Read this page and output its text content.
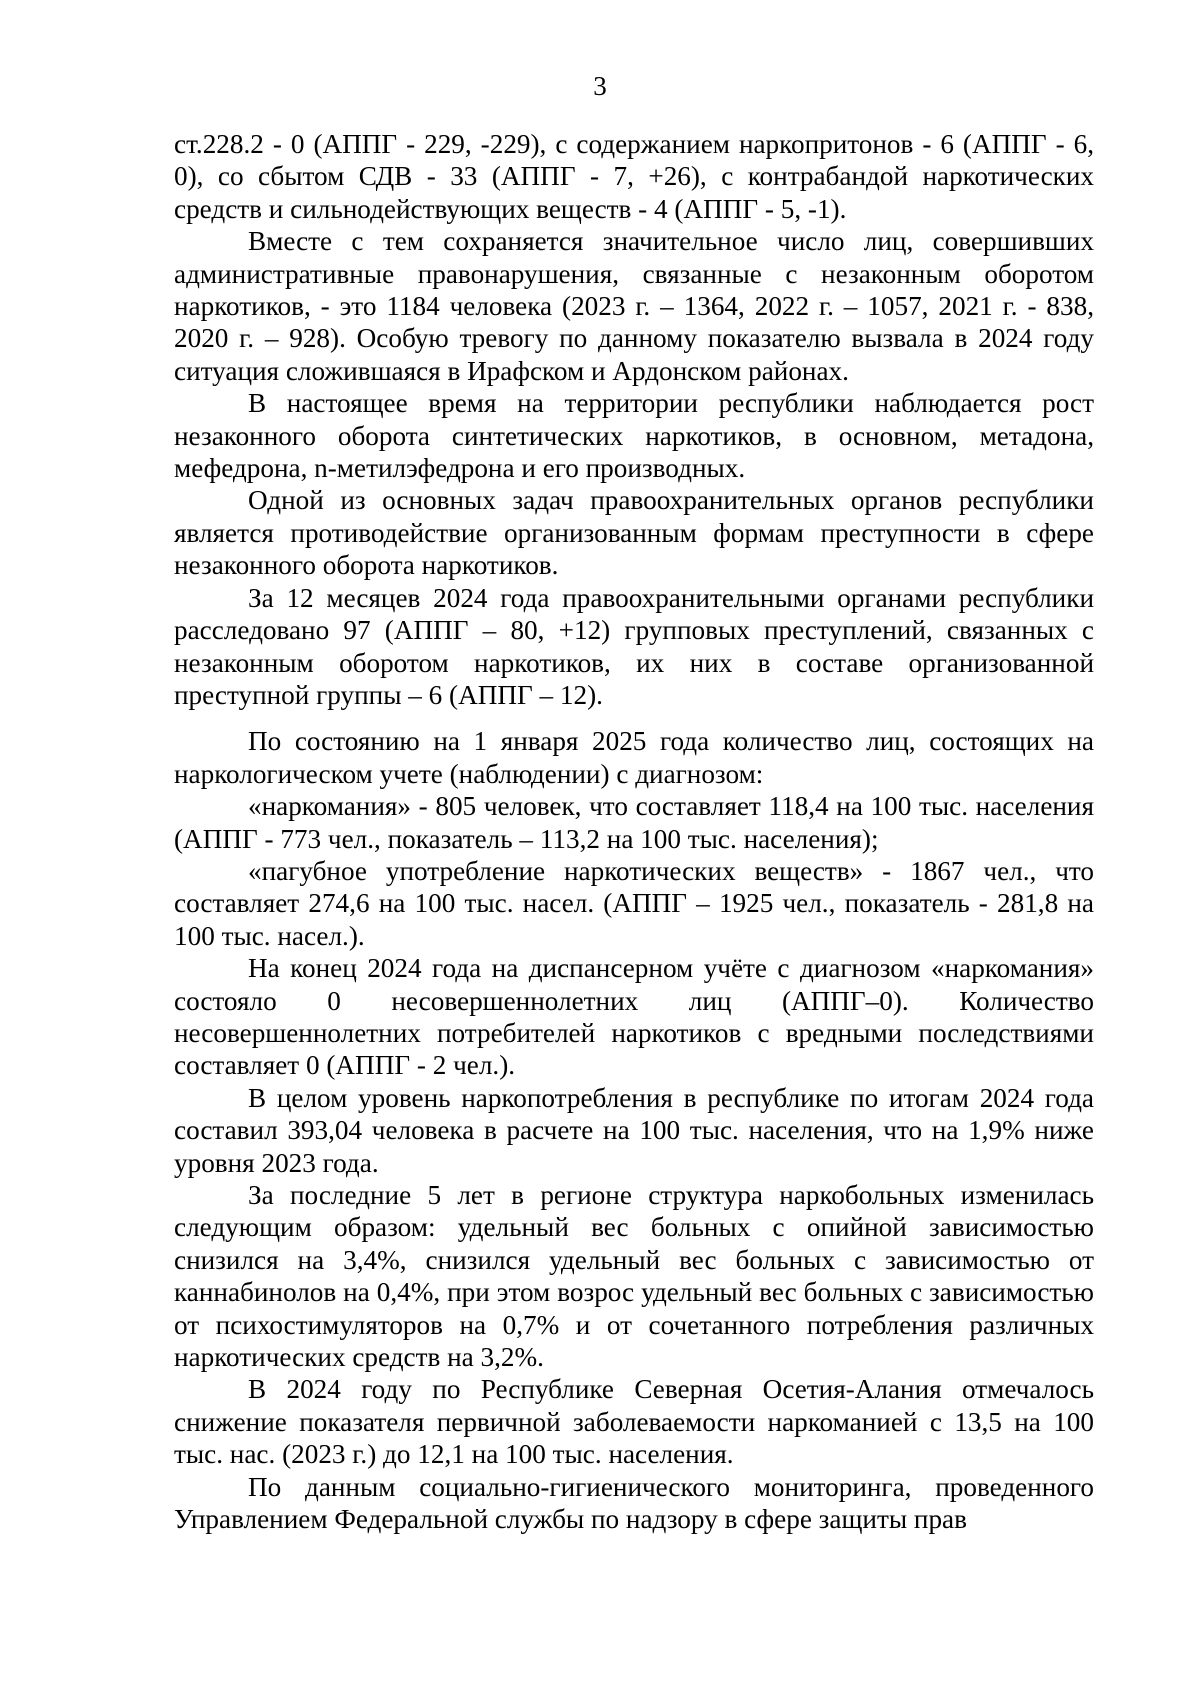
3

ст.228.2 - 0 (АППГ - 229, -229), с содержанием наркопритонов - 6 (АППГ - 6, 0), со сбытом СДВ - 33 (АППГ - 7, +26), с контрабандой наркотических средств и сильнодействующих веществ - 4 (АППГ - 5, -1).

Вместе с тем сохраняется значительное число лиц, совершивших административные правонарушения, связанные с незаконным оборотом наркотиков, - это 1184 человека (2023 г. – 1364, 2022 г. – 1057, 2021 г. - 838, 2020 г. – 928). Особую тревогу по данному показателю вызвала в 2024 году ситуация сложившаяся в Ирафском и Ардонском районах.

В настоящее время на территории республики наблюдается рост незаконного оборота синтетических наркотиков, в основном, метадона, мефедрона, n-метилэфедрона и его производных.

Одной из основных задач правоохранительных органов республики является противодействие организованным формам преступности в сфере незаконного оборота наркотиков.

За 12 месяцев 2024 года правоохранительными органами республики расследовано 97 (АППГ – 80, +12) групповых преступлений, связанных с незаконным оборотом наркотиков, их них в составе организованной преступной группы – 6 (АППГ – 12).

По состоянию на 1 января 2025 года количество лиц, состоящих на наркологическом учете (наблюдении) с диагнозом:

«наркомания» - 805 человек, что составляет 118,4 на 100 тыс. населения (АППГ - 773 чел., показатель – 113,2 на 100 тыс. населения);

«пагубное употребление наркотических веществ» - 1867 чел., что составляет 274,6 на 100 тыс. насел. (АППГ – 1925 чел., показатель - 281,8 на 100 тыс. насел.).

На конец 2024 года на диспансерном учёте с диагнозом «наркомания» состояло 0 несовершеннолетних лиц (АППГ–0). Количество несовершеннолетних потребителей наркотиков с вредными последствиями составляет 0 (АППГ - 2 чел.).

В целом уровень наркопотребления в республике по итогам 2024 года составил 393,04 человека в расчете на 100 тыс. населения, что на 1,9% ниже уровня 2023 года.

За последние 5 лет в регионе структура наркобольных изменилась следующим образом: удельный вес больных с опийной зависимостью снизился на 3,4%, снизился удельный вес больных с зависимостью от каннабинолов на 0,4%, при этом возрос удельный вес больных с зависимостью от психостимуляторов на 0,7% и от сочетанного потребления различных наркотических средств на 3,2%.

В 2024 году по Республике Северная Осетия-Алания отмечалось снижение показателя первичной заболеваемости наркоманией с 13,5 на 100 тыс. нас. (2023 г.) до 12,1 на 100 тыс. населения.

По данным социально-гигиенического мониторинга, проведенного Управлением Федеральной службы по надзору в сфере защиты прав
